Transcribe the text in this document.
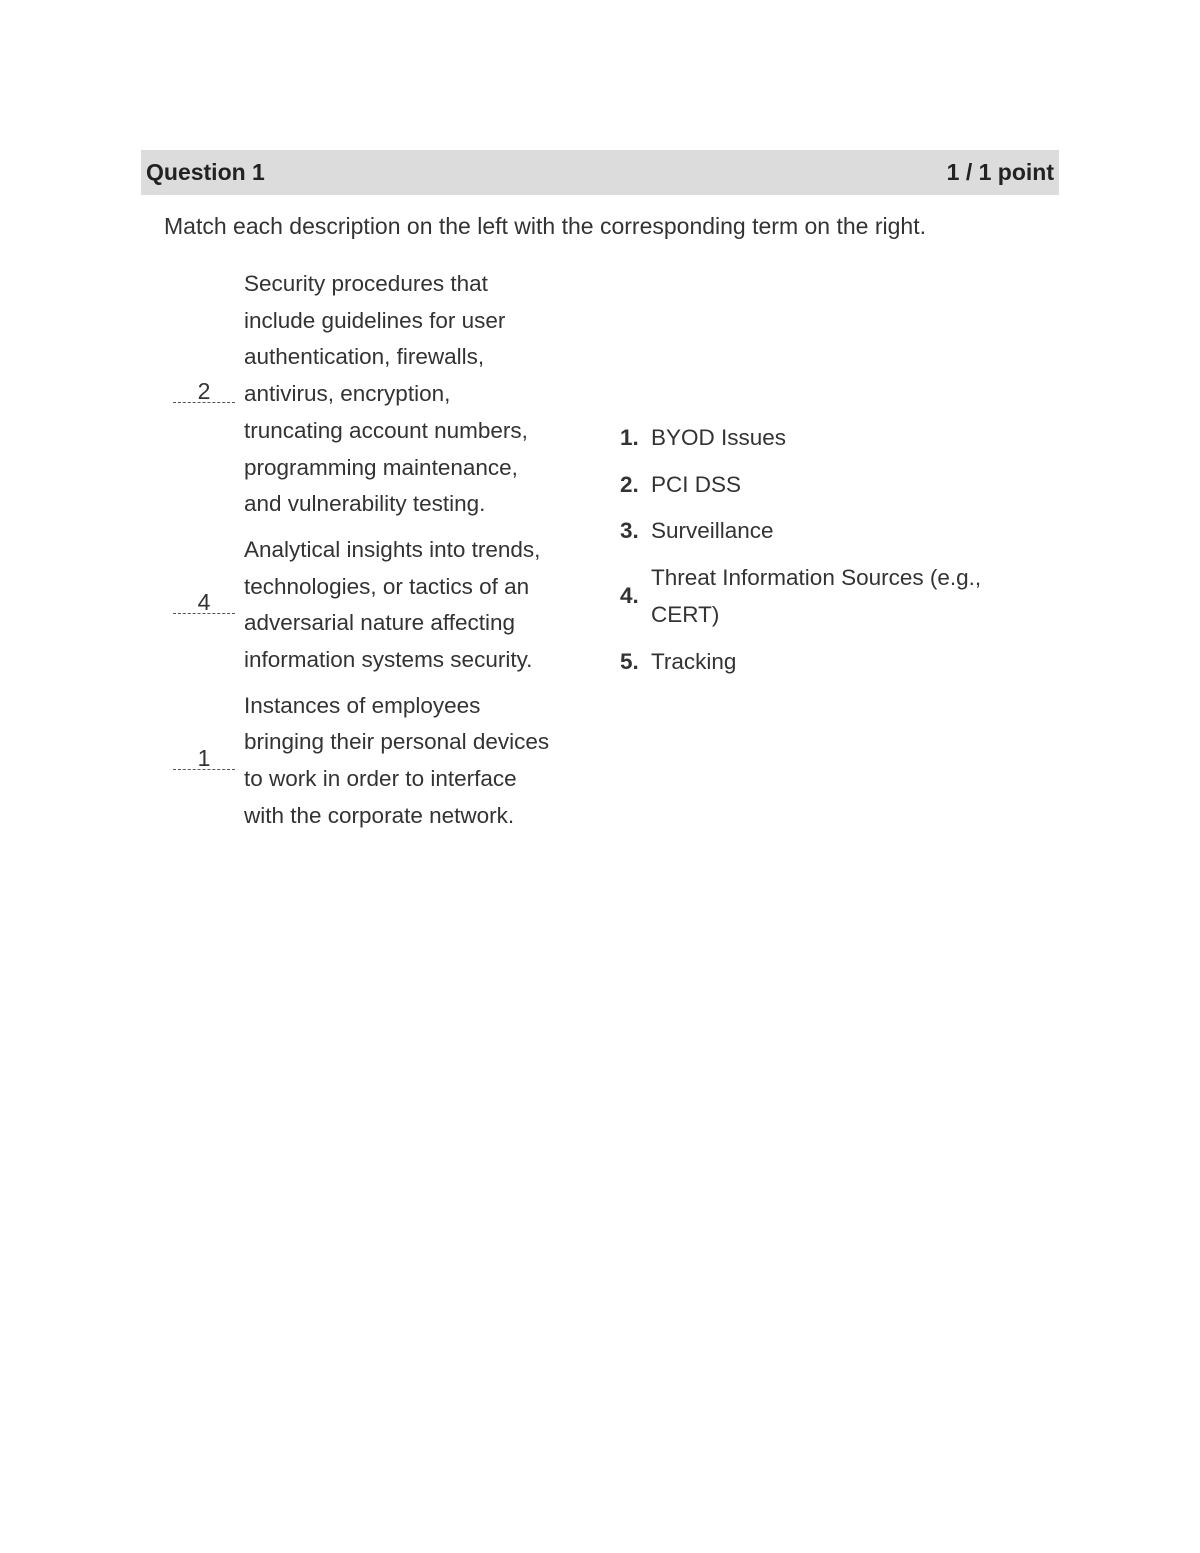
Question 1	1 / 1 point
Match each description on the left with the corresponding term on the right.
2
Security procedures that
include guidelines for user
authentication, firewalls,
antivirus, encryption,
truncating account numbers,
programming maintenance,
and vulnerability testing.
4
Analytical insights into trends,
technologies, or tactics of an
adversarial nature affecting
information systems security.
1
Instances of employees
bringing their personal devices
to work in order to interface
with the corporate network.
1. BYOD Issues
2. PCI DSS
3. Surveillance
4.
Threat Information Sources (e.g.,
CERT)
5. Tracking
